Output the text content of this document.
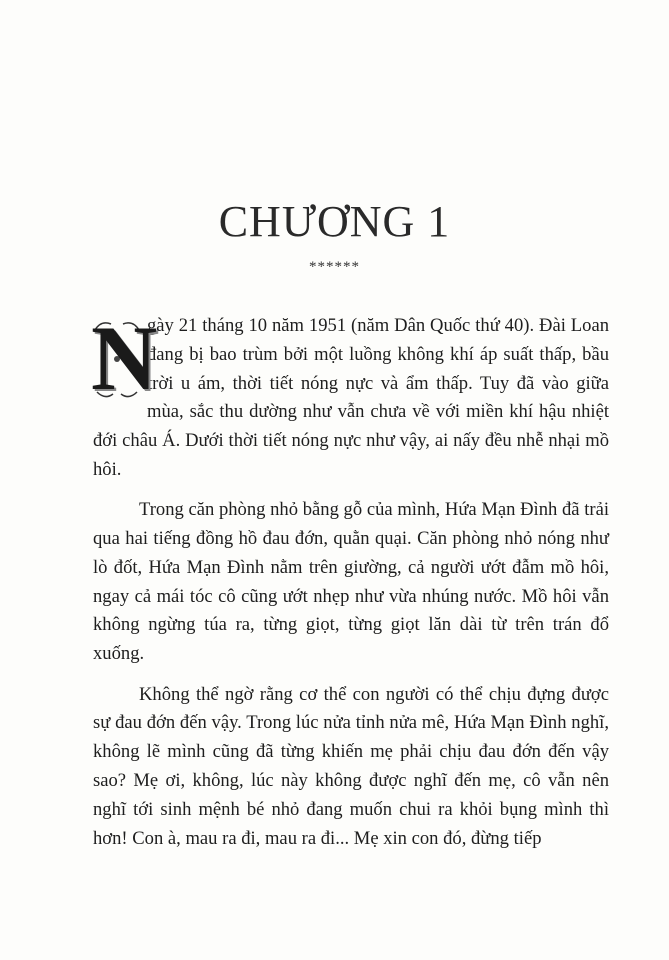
CHƯƠNG 1
******

N
gày 21 tháng 10 năm 1951 (năm Dân Quốc thứ 40). Đài Loan đang bị bao trùm bởi một luồng không khí áp suất thấp, bầu trời u ám, thời tiết nóng nực và ẩm thấp. Tuy đã vào giữa mùa, sắc thu dường như vẫn chưa về với miền khí hậu nhiệt đới châu Á. Dưới thời tiết nóng nực như vậy, ai nấy đều nhễ nhại mồ hôi.

Trong căn phòng nhỏ bằng gỗ của mình, Hứa Mạn Đình đã trải qua hai tiếng đồng hồ đau đớn, quằn quại. Căn phòng nhỏ nóng như lò đốt, Hứa Mạn Đình nằm trên giường, cả người ướt đẫm mồ hôi, ngay cả mái tóc cô cũng ướt nhẹp như vừa nhúng nước. Mồ hôi vẫn không ngừng túa ra, từng giọt, từng giọt lăn dài từ trên trán đổ xuống.

Không thể ngờ rằng cơ thể con người có thể chịu đựng được sự đau đớn đến vậy. Trong lúc nửa tỉnh nửa mê, Hứa Mạn Đình nghĩ, không lẽ mình cũng đã từng khiến mẹ phải chịu đau đớn đến vậy sao? Mẹ ơi, không, lúc này không được nghĩ đến mẹ, cô vẫn nên nghĩ tới sinh mệnh bé nhỏ đang muốn chui ra khỏi bụng mình thì hơn! Con à, mau ra đi, mau ra đi... Mẹ xin con đó, đừng tiếp
